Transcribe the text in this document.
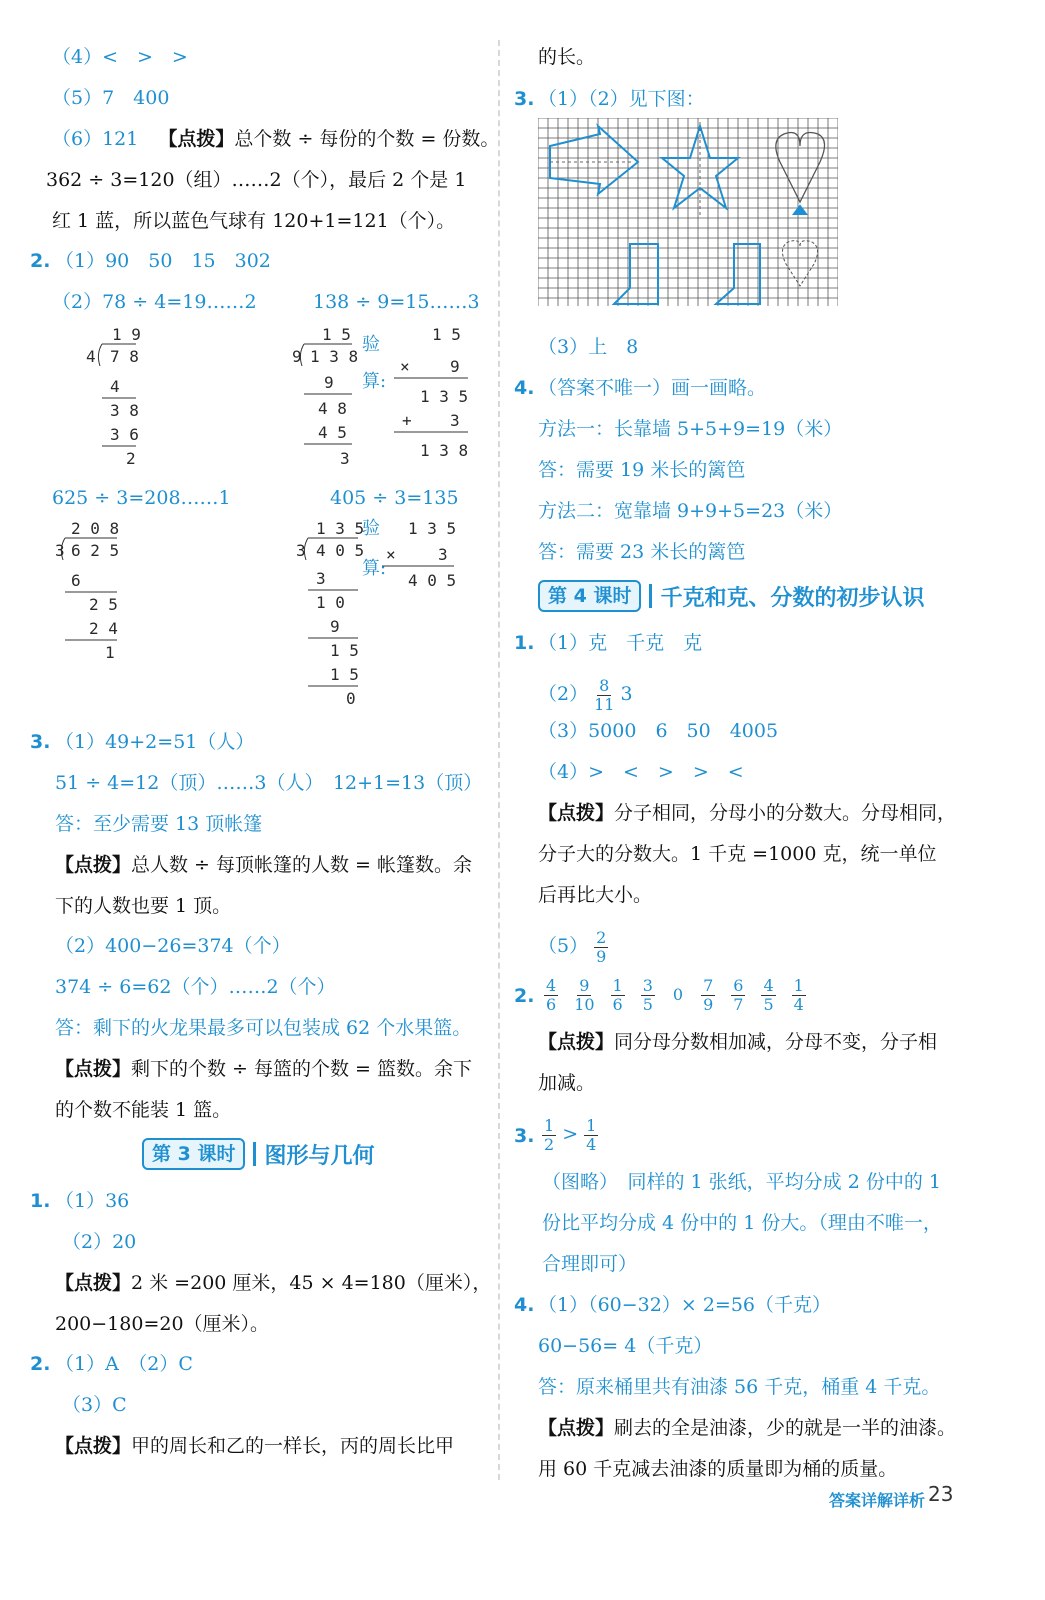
（4）<　>　>
（5）7　400
（6）121 【点拨】总个数 ÷ 每份的个数 = 份数。
362 ÷ 3=120（组）……2（个），最后 2 个是 1
红 1 蓝，所以蓝色气球有 120+1=121（个）。
2. （1）90　50　15　302
（2）78 ÷ 4=19……2	138 ÷ 9=15……3
1 9
4 7 8
4
3 8
3 6
2
1 5
9 1 3 8
9
4 8
4 5
3
1 5
×	9
1 3 5
+ 3
1 3 8
验
算:
625 ÷ 3=208……1	405 ÷ 3=135
2 0 8
3 6 2 5
6
2 5
2 4
1
1 3 5
3 4 0 5
3
1 0
9
1 5
1 5
0
1 3 5
×	3
4 0 5
验
算:
3. （1）49+2=51（人）
51 ÷ 4=12（顶）……3（人）　12+1=13（顶）
答：至少需要 13 顶帐篷
【点拨】总人数 ÷ 每顶帐篷的人数 = 帐篷数。余
下的人数也要 1 顶。
（2）400−26=374（个）
374 ÷ 6=62（个）……2（个）
答：剩下的火龙果最多可以包装成 62 个水果篮。
【点拨】剩下的个数 ÷ 每篮的个数 = 篮数。余下
的个数不能装 1 篮。
第 3 课时	图形与几何
1. （1）36
（2）20
【点拨】2 米 =200 厘米，45 × 4=180（厘米），
200−180=20（厘米）。
2. （1）A　（2）C
（3）C
【点拨】甲的周长和乙的一样长，丙的周长比甲
的长。
3. （1）（2）见下图：
（3）上　8
4. （答案不唯一）画一画略。
方法一：长靠墙 5+5+9=19（米）
答：需要 19 米长的篱笆
方法二：宽靠墙 9+9+5=23（米）
答：需要 23 米长的篱笆
第 4 课时	千克和克、分数的初步认识
1. （1）克　千克　克
$(2) \frac{8}{11} 3$
（3）5000　6　50　4005
（4）>　<　>　>　<
【点拨】分子相同，分母小的分数大。分母相同，
分子大的分数大。1 千克 =1000 克，统一单位
后再比大小。
$(5) \frac{2}{9}$
2. $\frac{4}{6} \frac{9}{10} \frac{1}{6} \frac{3}{5} 0 \frac{7}{9} \frac{6}{7} \frac{4}{5} \frac{1}{4}$
【点拨】同分母分数相加减，分母不变，分子相
加减。
3. $\frac{1}{2} > \frac{1}{4}$
（图略）　同样的 1 张纸，平均分成 2 份中的 1
份比平均分成 4 份中的 1 份大。（理由不唯一，
合理即可）
4. （1）（60−32）× 2=56（千克）
60−56= 4（千克）
答：原来桶里共有油漆 56 千克，桶重 4 千克。
【点拨】刷去的全是油漆，少的就是一半的油漆。
用 60 千克减去油漆的质量即为桶的质量。
答案详解详析 23
